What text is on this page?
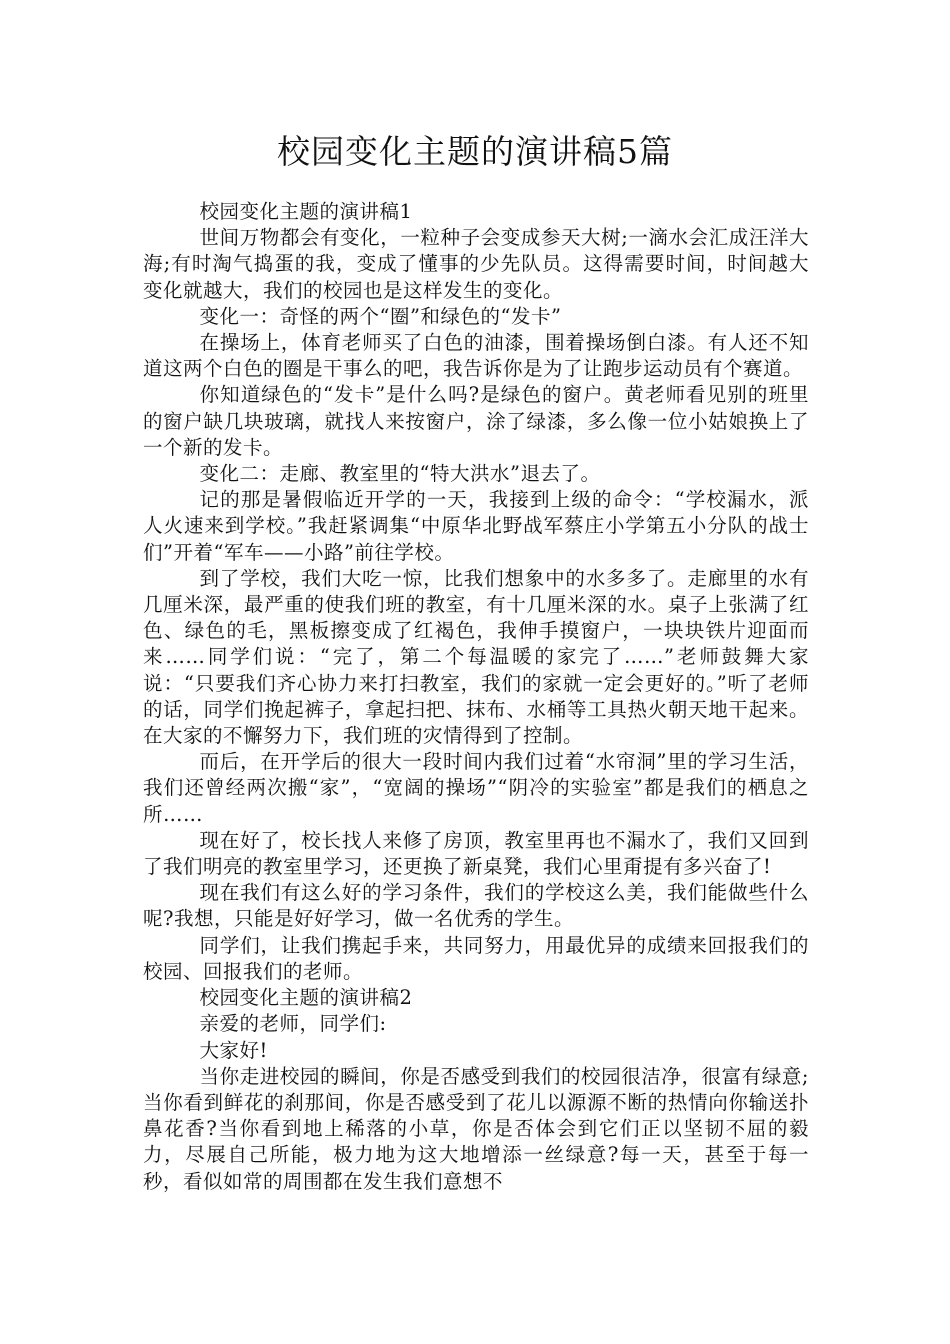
校园变化主题的演讲稿5篇

校园变化主题的演讲稿1

世间万物都会有变化，一粒种子会变成参天大树;一滴水会汇成汪洋大海;有时淘气捣蛋的我，变成了懂事的少先队员。这得需要时间，时间越大变化就越大，我们的校园也是这样发生的变化。

变化一：奇怪的两个“圈”和绿色的“发卡”

在操场上，体育老师买了白色的油漆，围着操场倒白漆。有人还不知道这两个白色的圈是干事么的吧，我告诉你是为了让跑步运动员有个赛道。

你知道绿色的“发卡”是什么吗?是绿色的窗户。黄老师看见别的班里的窗户缺几块玻璃，就找人来按窗户，涂了绿漆，多么像一位小姑娘换上了一个新的发卡。

变化二：走廊、教室里的“特大洪水”退去了。

记的那是暑假临近开学的一天，我接到上级的命令：“学校漏水，派人火速来到学校。”我赶紧调集“中原华北野战军蔡庄小学第五小分队的战士们”开着“军车——小路”前往学校。

到了学校，我们大吃一惊，比我们想象中的水多多了。走廊里的水有几厘米深，最严重的使我们班的教室，有十几厘米深的水。桌子上张满了红色、绿色的毛，黑板擦变成了红褐色，我伸手摸窗户，一块块铁片迎面而来……同学们说：“完了，第二个每温暖的家完了……”老师鼓舞大家说：“只要我们齐心协力来打扫教室，我们的家就一定会更好的。”听了老师的话，同学们挽起裤子，拿起扫把、抹布、水桶等工具热火朝天地干起来。在大家的不懈努力下，我们班的灾情得到了控制。

而后，在开学后的很大一段时间内我们过着“水帘洞”里的学习生活，我们还曾经两次搬“家”，“宽阔的操场”“阴冷的实验室”都是我们的栖息之所……

现在好了，校长找人来修了房顶，教室里再也不漏水了，我们又回到了我们明亮的教室里学习，还更换了新桌凳，我们心里甭提有多兴奋了!

现在我们有这么好的学习条件，我们的学校这么美，我们能做些什么呢?我想，只能是好好学习，做一名优秀的学生。

同学们，让我们携起手来，共同努力，用最优异的成绩来回报我们的校园、回报我们的老师。

校园变化主题的演讲稿2

亲爱的老师，同学们:

大家好!

当你走进校园的瞬间，你是否感受到我们的校园很洁净，很富有绿意;当你看到鲜花的刹那间，你是否感受到了花儿以源源不断的热情向你输送扑鼻花香?当你看到地上稀落的小草，你是否体会到它们正以坚韧不屈的毅力，尽展自己所能，极力地为这大地增添一丝绿意?每一天，甚至于每一秒，看似如常的周围都在发生我们意想不
